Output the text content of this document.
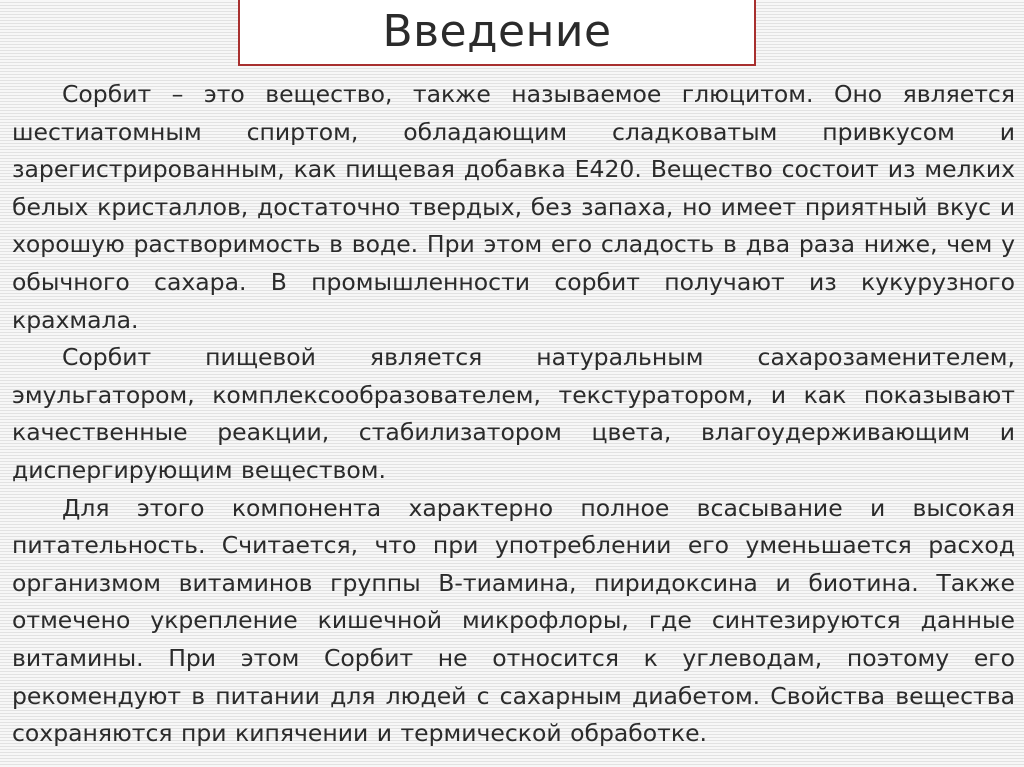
Введение

Сорбит – это вещество, также называемое глюцитом. Оно является шестиатомным спиртом, обладающим сладковатым привкусом и зарегистрированным, как пищевая добавка Е420. Вещество состоит из мелких белых кристаллов, достаточно твердых, без запаха, но имеет приятный вкус и хорошую растворимость в воде. При этом его сладость в два раза ниже, чем у обычного сахара. В промышленности сорбит получают из кукурузного крахмала.

Сорбит пищевой является натуральным сахарозаменителем, эмульгатором, комплексообразователем, текстуратором, и как показывают качественные реакции, стабилизатором цвета, влагоудерживающим и диспергирующим веществом.

Для этого компонента характерно полное всасывание и высокая питательность. Считается, что при употреблении его уменьшается расход организмом витаминов группы В-тиамина, пиридоксина и биотина. Также отмечено укрепление кишечной микрофлоры, где синтезируются данные витамины. При этом Сорбит не относится к углеводам, поэтому его рекомендуют в питании для людей с сахарным диабетом. Свойства вещества сохраняются при кипячении и термической обработке.
